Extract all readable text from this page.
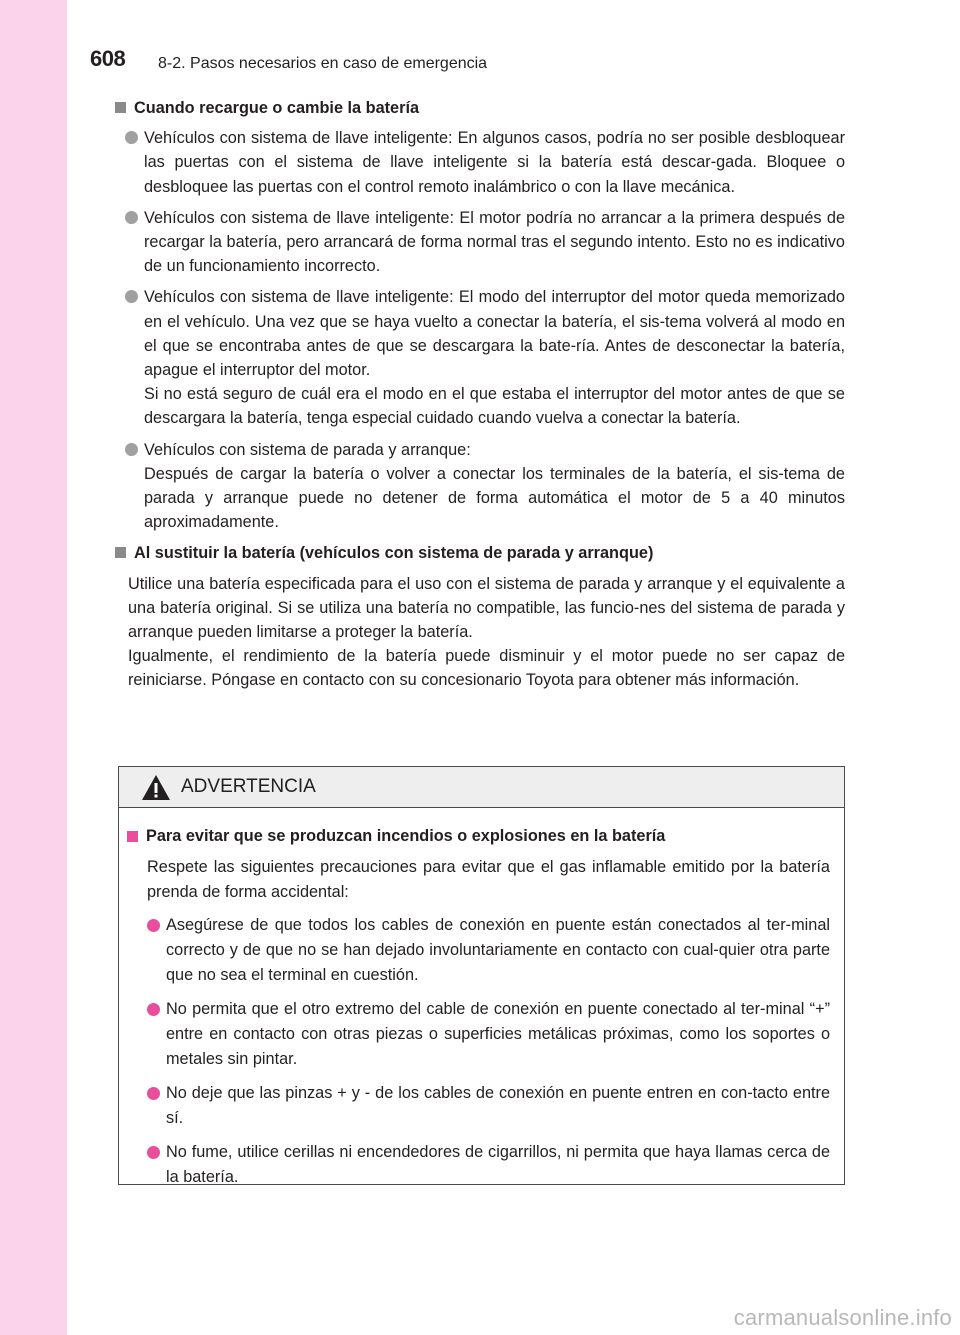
608 8-2. Pasos necesarios en caso de emergencia
Cuando recargue o cambie la batería
Vehículos con sistema de llave inteligente: En algunos casos, podría no ser posible desbloquear las puertas con el sistema de llave inteligente si la batería está descar-gada. Bloquee o desbloquee las puertas con el control remoto inalámbrico o con la llave mecánica.
Vehículos con sistema de llave inteligente: El motor podría no arrancar a la primera después de recargar la batería, pero arrancará de forma normal tras el segundo intento. Esto no es indicativo de un funcionamiento incorrecto.
Vehículos con sistema de llave inteligente: El modo del interruptor del motor queda memorizado en el vehículo. Una vez que se haya vuelto a conectar la batería, el sis-tema volverá al modo en el que se encontraba antes de que se descargara la bate-ría. Antes de desconectar la batería, apague el interruptor del motor.
Si no está seguro de cuál era el modo en el que estaba el interruptor del motor antes de que se descargara la batería, tenga especial cuidado cuando vuelva a conectar la batería.
Vehículos con sistema de parada y arranque:
Después de cargar la batería o volver a conectar los terminales de la batería, el sis-tema de parada y arranque puede no detener de forma automática el motor de 5 a 40 minutos aproximadamente.
Al sustituir la batería (vehículos con sistema de parada y arranque)
Utilice una batería especificada para el uso con el sistema de parada y arranque y el equivalente a una batería original. Si se utiliza una batería no compatible, las funcio-nes del sistema de parada y arranque pueden limitarse a proteger la batería.
Igualmente, el rendimiento de la batería puede disminuir y el motor puede no ser capaz de reiniciarse. Póngase en contacto con su concesionario Toyota para obtener más información.
ADVERTENCIA
Para evitar que se produzcan incendios o explosiones en la batería
Respete las siguientes precauciones para evitar que el gas inflamable emitido por la batería prenda de forma accidental:
Asegúrese de que todos los cables de conexión en puente están conectados al ter-minal correcto y de que no se han dejado involuntariamente en contacto con cual-quier otra parte que no sea el terminal en cuestión.
No permita que el otro extremo del cable de conexión en puente conectado al ter-minal “+” entre en contacto con otras piezas o superficies metálicas próximas, como los soportes o metales sin pintar.
No deje que las pinzas + y - de los cables de conexión en puente entren en con-tacto entre sí.
No fume, utilice cerillas ni encendedores de cigarrillos, ni permita que haya llamas cerca de la batería.
carmanualsonline.info
